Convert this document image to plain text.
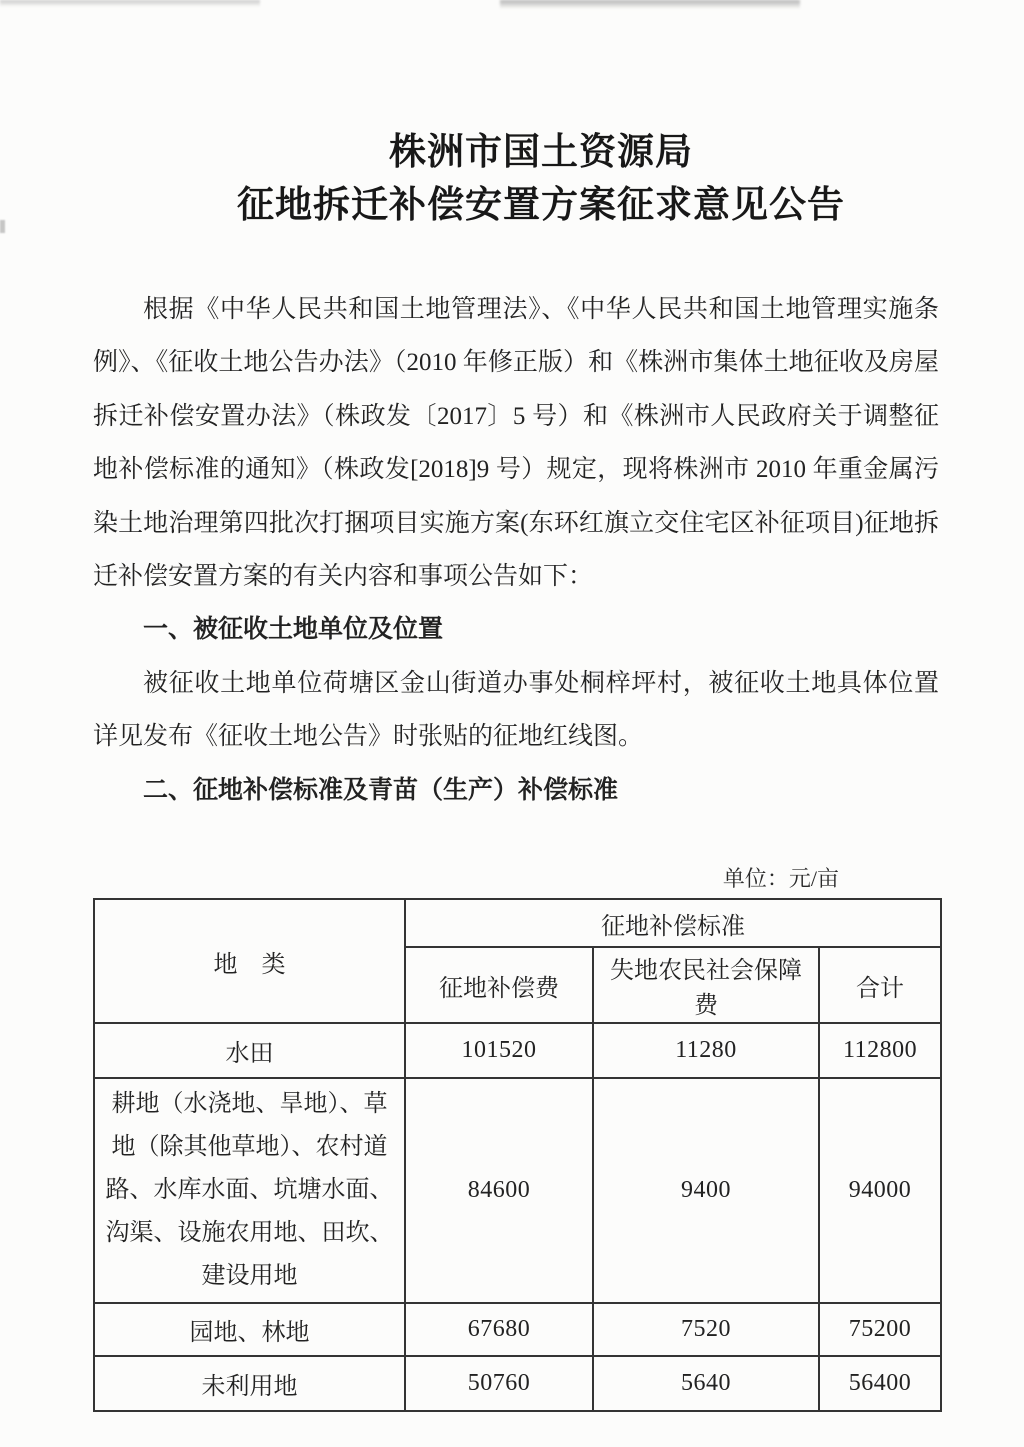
株洲市国土资源局
征地拆迁补偿安置方案征求意见公告

根据《中华人民共和国土地管理法》、《中华人民共和国土地管理实施条例》、《征收土地公告办法》（2010 年修正版）和《株洲市集体土地征收及房屋拆迁补偿安置办法》（株政发〔2017〕5 号）和《株洲市人民政府关于调整征地补偿标准的通知》（株政发[2018]9 号）规定，现将株洲市 2010 年重金属污染土地治理第四批次打捆项目实施方案(东环红旗立交住宅区补征项目)征地拆迁补偿安置方案的有关内容和事项公告如下：

一、被征收土地单位及位置

被征收土地单位荷塘区金山街道办事处桐梓坪村，被征收土地具体位置详见发布《征收土地公告》时张贴的征地红线图。

二、征地补偿标准及青苗（生产）补偿标准
单位：元/亩
地　类	征地补偿标准		
	征地补偿费	失地农民社会保障费	合计
水田	101520	11280	112800
耕地（水浇地、旱地）、草地（除其他草地）、农村道路、水库水面、坑塘水面、沟渠、设施农用地、田坎、建设用地	84600	9400	94000
园地、林地	67680	7520	75200
未利用地	50760	5640	56400
